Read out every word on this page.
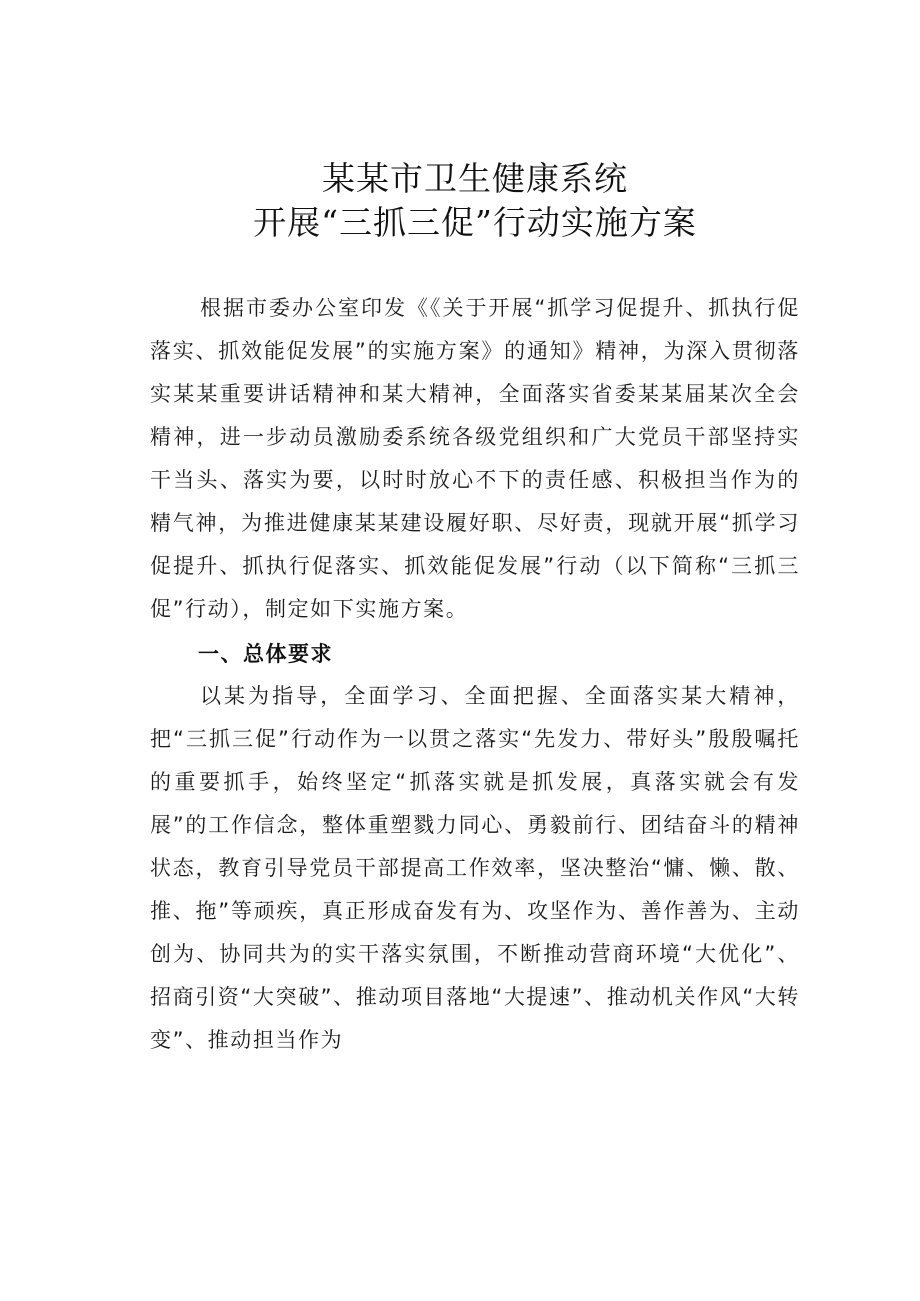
某某市卫生健康系统
开展“三抓三促”行动实施方案

根据市委办公室印发《《关于开展“抓学习促提升、抓执行促落实、抓效能促发展”的实施方案》的通知》精神，为深入贯彻落实某某重要讲话精神和某大精神，全面落实省委某某届某次全会精神，进一步动员激励委系统各级党组织和广大党员干部坚持实干当头、落实为要，以时时放心不下的责任感、积极担当作为的精气神，为推进健康某某建设履好职、尽好责，现就开展“抓学习促提升、抓执行促落实、抓效能促发展”行动（以下简称“三抓三促”行动），制定如下实施方案。

一、总体要求

以某为指导，全面学习、全面把握、全面落实某大精神，把“三抓三促”行动作为一以贯之落实“先发力、带好头”殷殷嘱托的重要抓手，始终坚定“抓落实就是抓发展，真落实就会有发展”的工作信念，整体重塑戮力同心、勇毅前行、团结奋斗的精神状态，教育引导党员干部提高工作效率，坚决整治“慵、懒、散、推、拖”等顽疾，真正形成奋发有为、攻坚作为、善作善为、主动创为、协同共为的实干落实氛围，不断推动营商环境“大优化”、招商引资“大突破”、推动项目落地“大提速”、推动机关作风“大转变”、推动担当作为
